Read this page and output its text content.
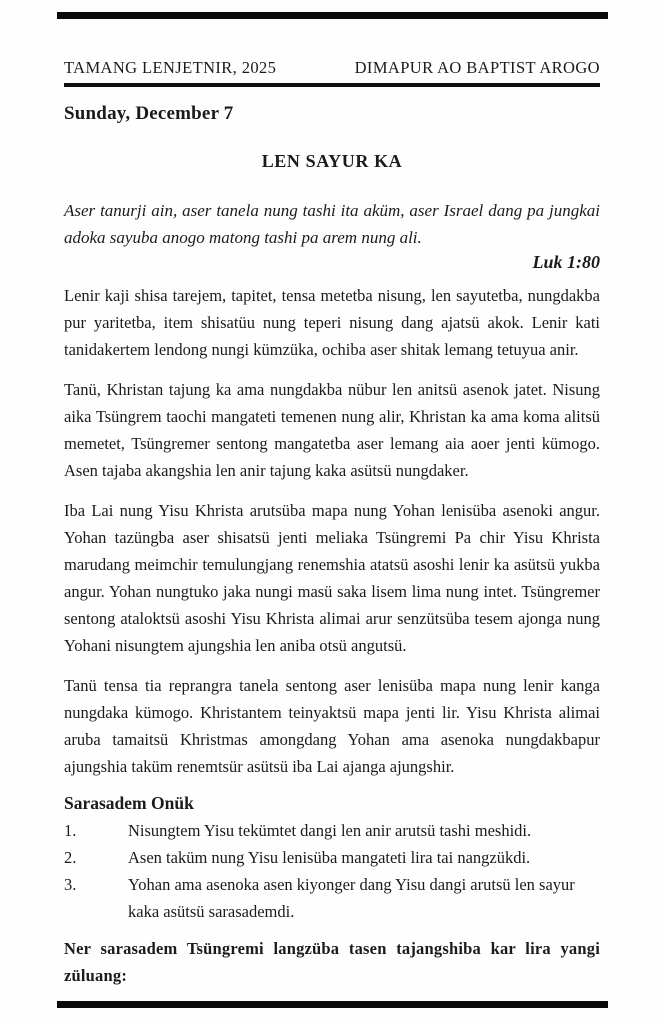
TAMANG LENJETNIR, 2025	DIMAPUR AO BAPTIST AROGO
Sunday, December 7
LEN SAYUR KA
Aser tanurji ain, aser tanela nung tashi ita aküm, aser Israel dang pa jungkai adoka sayuba anogo matong tashi pa arem nung ali.
Luk 1:80

Lenir kaji shisa tarejem, tapitet, tensa metetba nisung, len sayutetba, nungdakba pur yaritetba, item shisatüu nung teperi nisung dang ajatsü akok. Lenir kati tanidakertem lendong nungi kümzüka, ochiba aser shitak lemang tetuyua anir.

Tanü, Khristan tajung ka ama nungdakba nübur len anitsü asenok jatet. Nisung aika Tsüngrem taochi mangateti temenen nung alir, Khristan ka ama koma alitsü memetet, Tsüngremer sentong mangatetba aser lemang aia aoer jenti kümogo. Asen tajaba akangshia len anir tajung kaka asütsü nungdaker.

Iba Lai nung Yisu Khrista arutsüba mapa nung Yohan lenisüba asenoki angur. Yohan tazüngba aser shisatsü jenti meliaka Tsüngremi Pa chir Yisu Khrista marudang meimchir temulungjang renemshia atatsü asoshi lenir ka asütsü yukba angur. Yohan nungtuko jaka nungi masü saka lisem lima nung intet. Tsüngremer sentong ataloktsü asoshi Yisu Khrista alimai arur senzütsüba tesem ajonga nung Yohani nisungtem ajungshia len aniba otsü angutsü.

Tanü tensa tia reprangra tanela sentong aser lenisüba mapa nung lenir kanga nungdaka kümogo. Khristantem teinyaktsü mapa jenti lir. Yisu Khrista alimai aruba tamaitsü Khristmas amongdang Yohan ama asenoka nungdakbapur ajungshia taküm renemtsür asütsü iba Lai ajanga ajungshir.

Sarasadem Onük
1.	Nisungtem Yisu tekümtet dangi len anir arutsü tashi meshidi.
2.	Asen taküm nung Yisu lenisüba mangateti lira tai nangzükdi.
3.	Yohan ama asenoka asen kiyonger dang Yisu dangi arutsü len sayur kaka asütsü sarasademdi.
Ner sarasadem Tsüngremi langzüba tasen tajangshiba kar lira yangi züluang:
